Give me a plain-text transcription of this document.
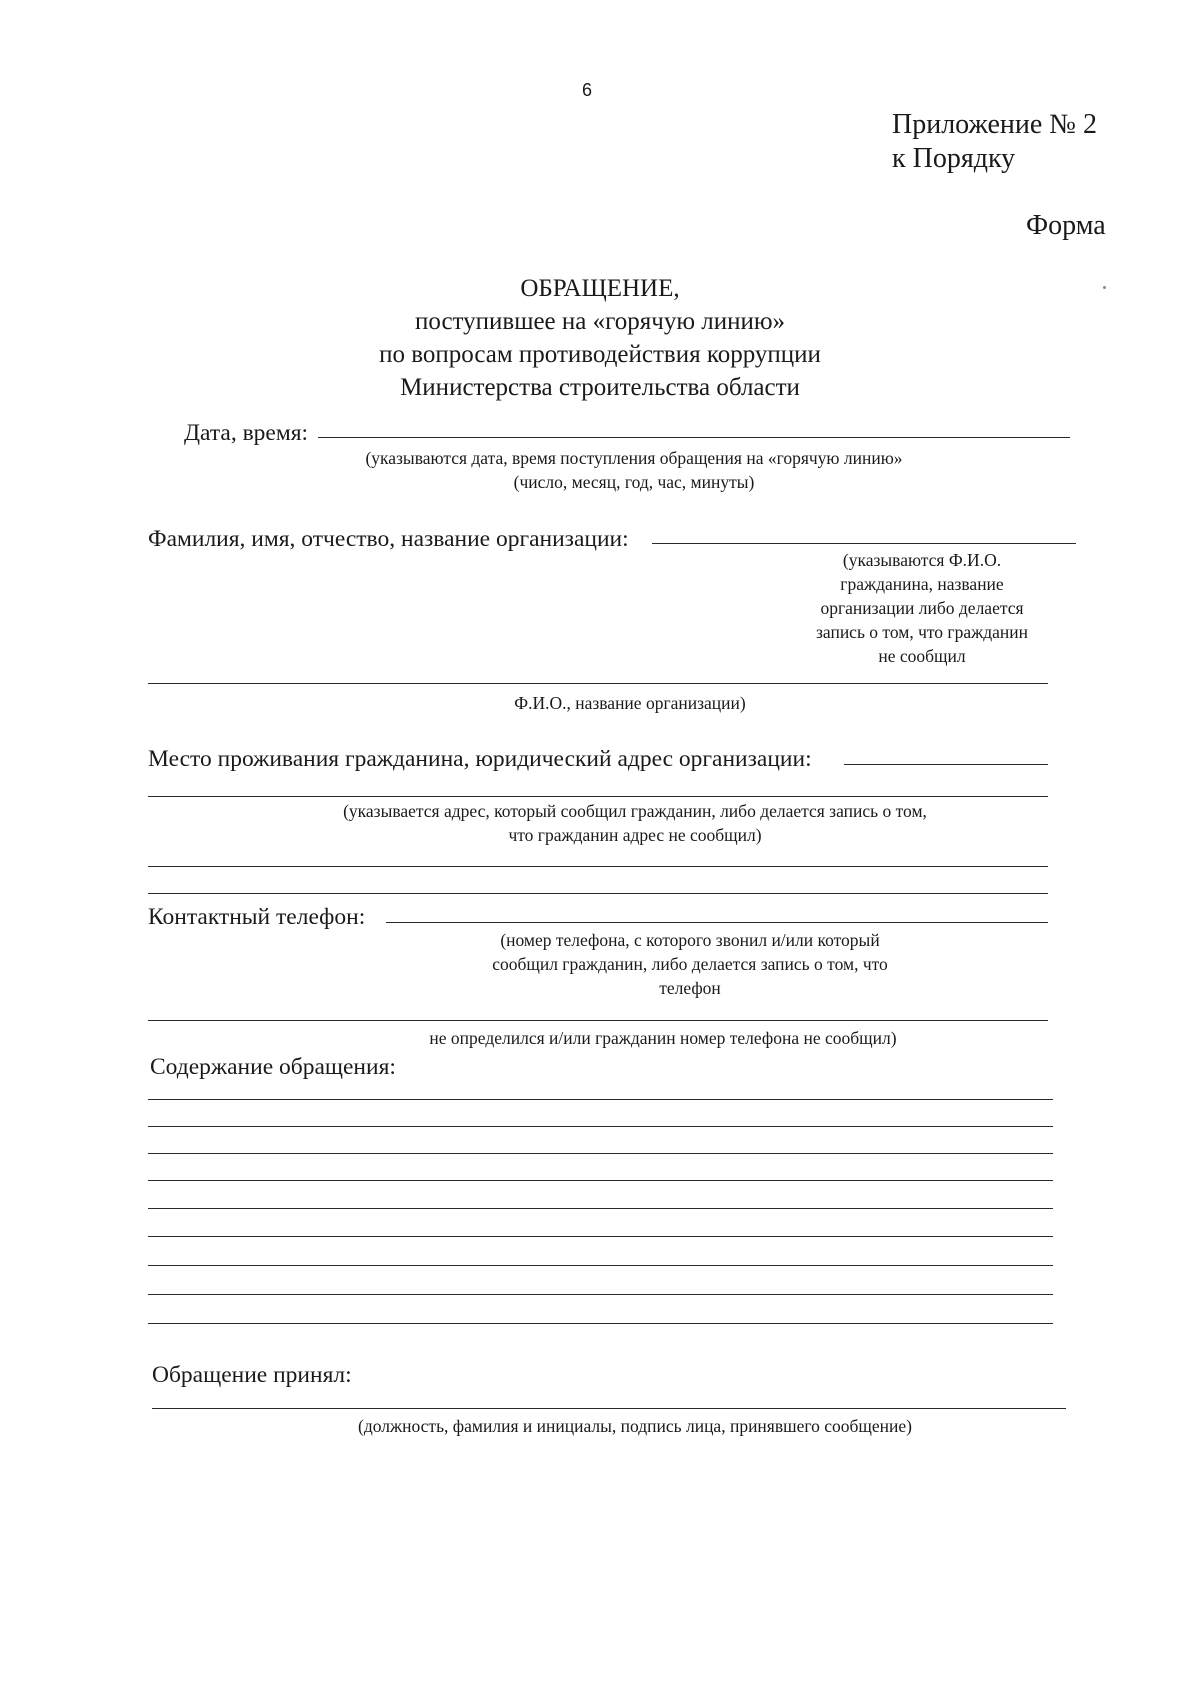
6
Приложение № 2
к Порядку
Форма
ОБРАЩЕНИЕ,
поступившее на «горячую линию»
по вопросам противодействия коррупции
Министерства строительства области
Дата, время:
(указываются дата, время поступления обращения на «горячую линию»
(число, месяц, год, час, минуты)
Фамилия, имя, отчество, название организации:
(указываются Ф.И.О.
гражданина, название
организации либо делается
запись о том, что гражданин
не сообщил
Ф.И.О., название организации)
Место проживания гражданина, юридический адрес организации:
(указывается адрес, который сообщил гражданин, либо делается запись о том,
что гражданин адрес не сообщил)
Контактный телефон:
(номер телефона, с которого звонил и/или который
сообщил гражданин, либо делается запись о том, что
телефон
не определился и/или гражданин номер телефона не сообщил)
Содержание обращения:
Обращение принял:
(должность, фамилия и инициалы, подпись лица, принявшего сообщение)
